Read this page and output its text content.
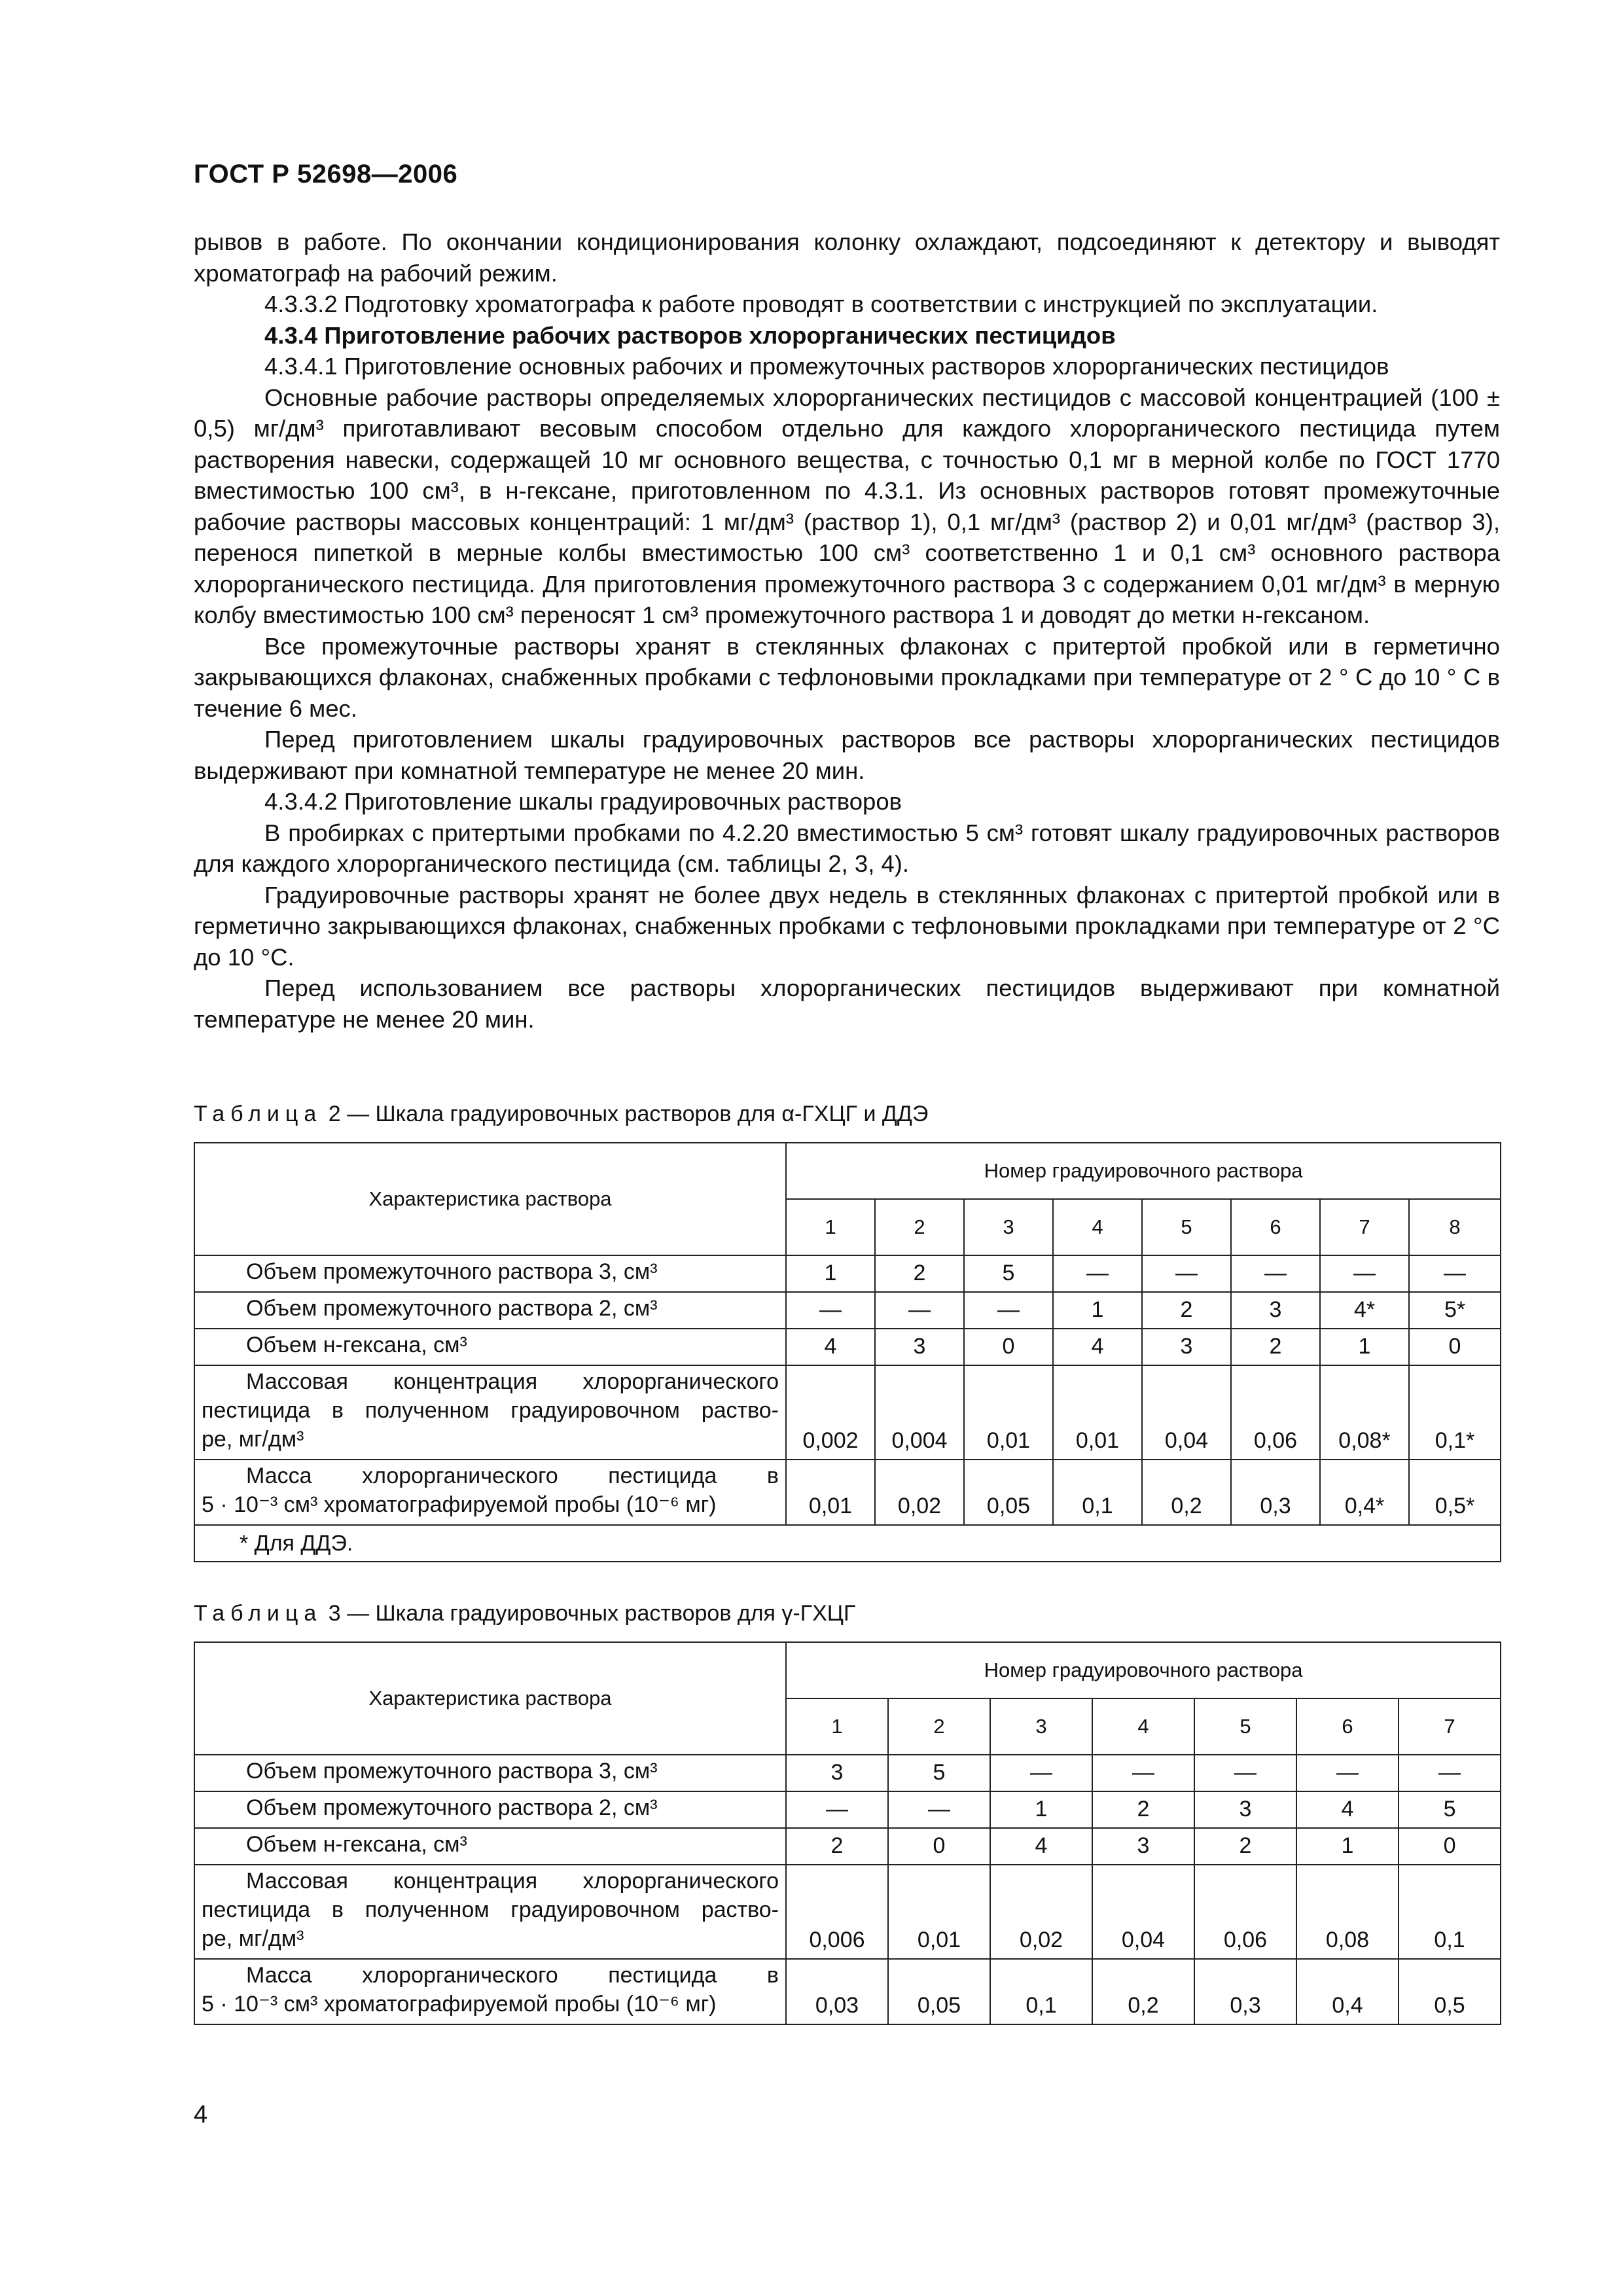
ГОСТ Р 52698—2006

рывов в работе. По окончании кондиционирования колонку охлаждают, подсоединяют к детектору и выводят хроматограф на рабочий режим.

4.3.3.2 Подготовку хроматографа к работе проводят в соответствии с инструкцией по эксплуатации.

4.3.4 Приготовление рабочих растворов хлорорганических пестицидов

4.3.4.1 Приготовление основных рабочих и промежуточных растворов хлорорганических пестицидов

Основные рабочие растворы определяемых хлорорганических пестицидов с массовой концентрацией (100 ± 0,5) мг/дм³ приготавливают весовым способом отдельно для каждого хлорорганического пестицида путем растворения навески, содержащей 10 мг основного вещества, с точностью 0,1 мг в мерной колбе по ГОСТ 1770 вместимостью 100 см³, в н-гексане, приготовленном по 4.3.1. Из основных растворов готовят промежуточные рабочие растворы массовых концентраций: 1 мг/дм³ (раствор 1), 0,1 мг/дм³ (раствор 2) и 0,01 мг/дм³ (раствор 3), перенося пипеткой в мерные колбы вместимостью 100 см³ соответственно 1 и 0,1 см³ основного раствора хлорорганического пестицида. Для приготовления промежуточного раствора 3 с содержанием 0,01 мг/дм³ в мерную колбу вместимостью 100 см³ переносят 1 см³ промежуточного раствора 1 и доводят до метки н-гексаном.

Все промежуточные растворы хранят в стеклянных флаконах с притертой пробкой или в герметично закрывающихся флаконах, снабженных пробками с тефлоновыми прокладками при температуре от 2 ° С до 10 ° С в течение 6 мес.

Перед приготовлением шкалы градуировочных растворов все растворы хлорорганических пестицидов выдерживают при комнатной температуре не менее 20 мин.

4.3.4.2 Приготовление шкалы градуировочных растворов

В пробирках с притертыми пробками по 4.2.20 вместимостью 5 см³ готовят шкалу градуировочных растворов для каждого хлорорганического пестицида (см. таблицы 2, 3, 4).

Градуировочные растворы хранят не более двух недель в стеклянных флаконах с притертой пробкой или в герметично закрывающихся флаконах, снабженных пробками с тефлоновыми прокладками при температуре от 2 °С до 10 °С.

Перед использованием все растворы хлорорганических пестицидов выдерживают при комнатной температуре не менее 20 мин.

Таблица 2 — Шкала градуировочных растворов для α-ГХЦГ и ДДЭ
Характеристика раствора	Номер градуировочного раствора							
	1	2	3	4	5	6	7	8

Объем промежуточного раствора 3, см³	1	2	5	—	—	—	—	—

Объем промежуточного раствора 2, см³	—	—	—	1	2	3	4*	5*

Объем н-гексана, см³	4	3	0	4	3	2	1	0

Массовая концентрация хлорорганического
пестицида в полученном градуировочном раство-
ре, мг/дм³	0,002	0,004	0,01	0,01	0,04	0,06	0,08*	0,1*

Масса хлорорганического пестицида в
5 · 10⁻³ см³ хроматографируемой пробы (10⁻⁶ мг)	0,01	0,02	0,05	0,1	0,2	0,3	0,4*	0,5*
* Для ДДЭ.								
Таблица 3 — Шкала градуировочных растворов для γ-ГХЦГ
Характеристика раствора	Номер градуировочного раствора						
	1	2	3	4	5	6	7

Объем промежуточного раствора 3, см³	3	5	—	—	—	—	—

Объем промежуточного раствора 2, см³	—	—	1	2	3	4	5

Объем н-гексана, см³	2	0	4	3	2	1	0

Массовая концентрация хлорорганического
пестицида в полученном градуировочном раство-
ре, мг/дм³	0,006	0,01	0,02	0,04	0,06	0,08	0,1

Масса хлорорганического пестицида в
5 · 10⁻³ см³ хроматографируемой пробы (10⁻⁶ мг)	0,03	0,05	0,1	0,2	0,3	0,4	0,5
4
